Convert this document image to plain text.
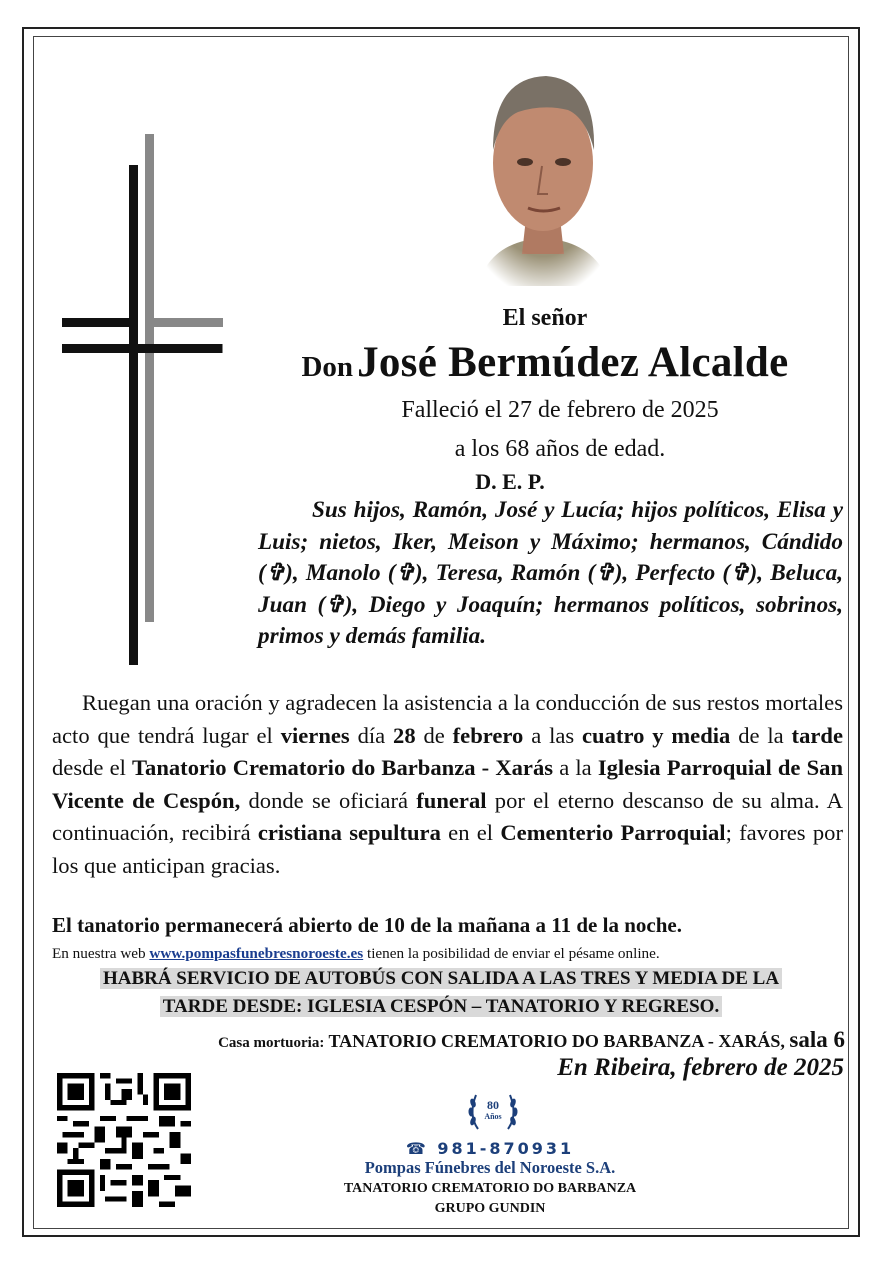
El señor
Don José Bermúdez Alcalde
Falleció el 27 de febrero de 2025
a los 68 años de edad.
D. E. P.
Sus hijos, Ramón, José y Lucía; hijos políticos, Elisa y Luis; nietos, Iker, Meison y Máximo; hermanos, Cándido (✞), Manolo (✞), Teresa, Ramón (✞), Perfecto (✞), Beluca, Juan (✞), Diego y Joaquín; hermanos políticos, sobrinos, primos y demás familia.
Ruegan una oración y agradecen la asistencia a la conducción de sus restos mortales acto que tendrá lugar el viernes día 28 de febrero a las cuatro y media de la tarde desde el Tanatorio Crematorio do Barbanza - Xarás a la Iglesia Parroquial de San Vicente de Cespón, donde se oficiará funeral por el eterno descanso de su alma. A continuación, recibirá cristiana sepultura en el Cementerio Parroquial; favores por los que anticipan gracias.
El tanatorio permanecerá abierto de 10 de la mañana a 11 de la noche.
En nuestra web www.pompasfunebresnoroeste.es tienen la posibilidad de enviar el pésame online.
HABRÁ SERVICIO DE AUTOBÚS CON SALIDA A LAS TRES Y MEDIA DE LA
TARDE DESDE: IGLESIA CESPÓN – TANATORIO Y REGRESO.
Casa mortuoria: TANATORIO CREMATORIO DO BARBANZA - XARÁS, sala 6
En Ribeira, febrero de 2025
80
Años
☎ 981-870931
Pompas Fúnebres del Noroeste S.A.
TANATORIO CREMATORIO DO BARBANZA
GRUPO GUNDIN
